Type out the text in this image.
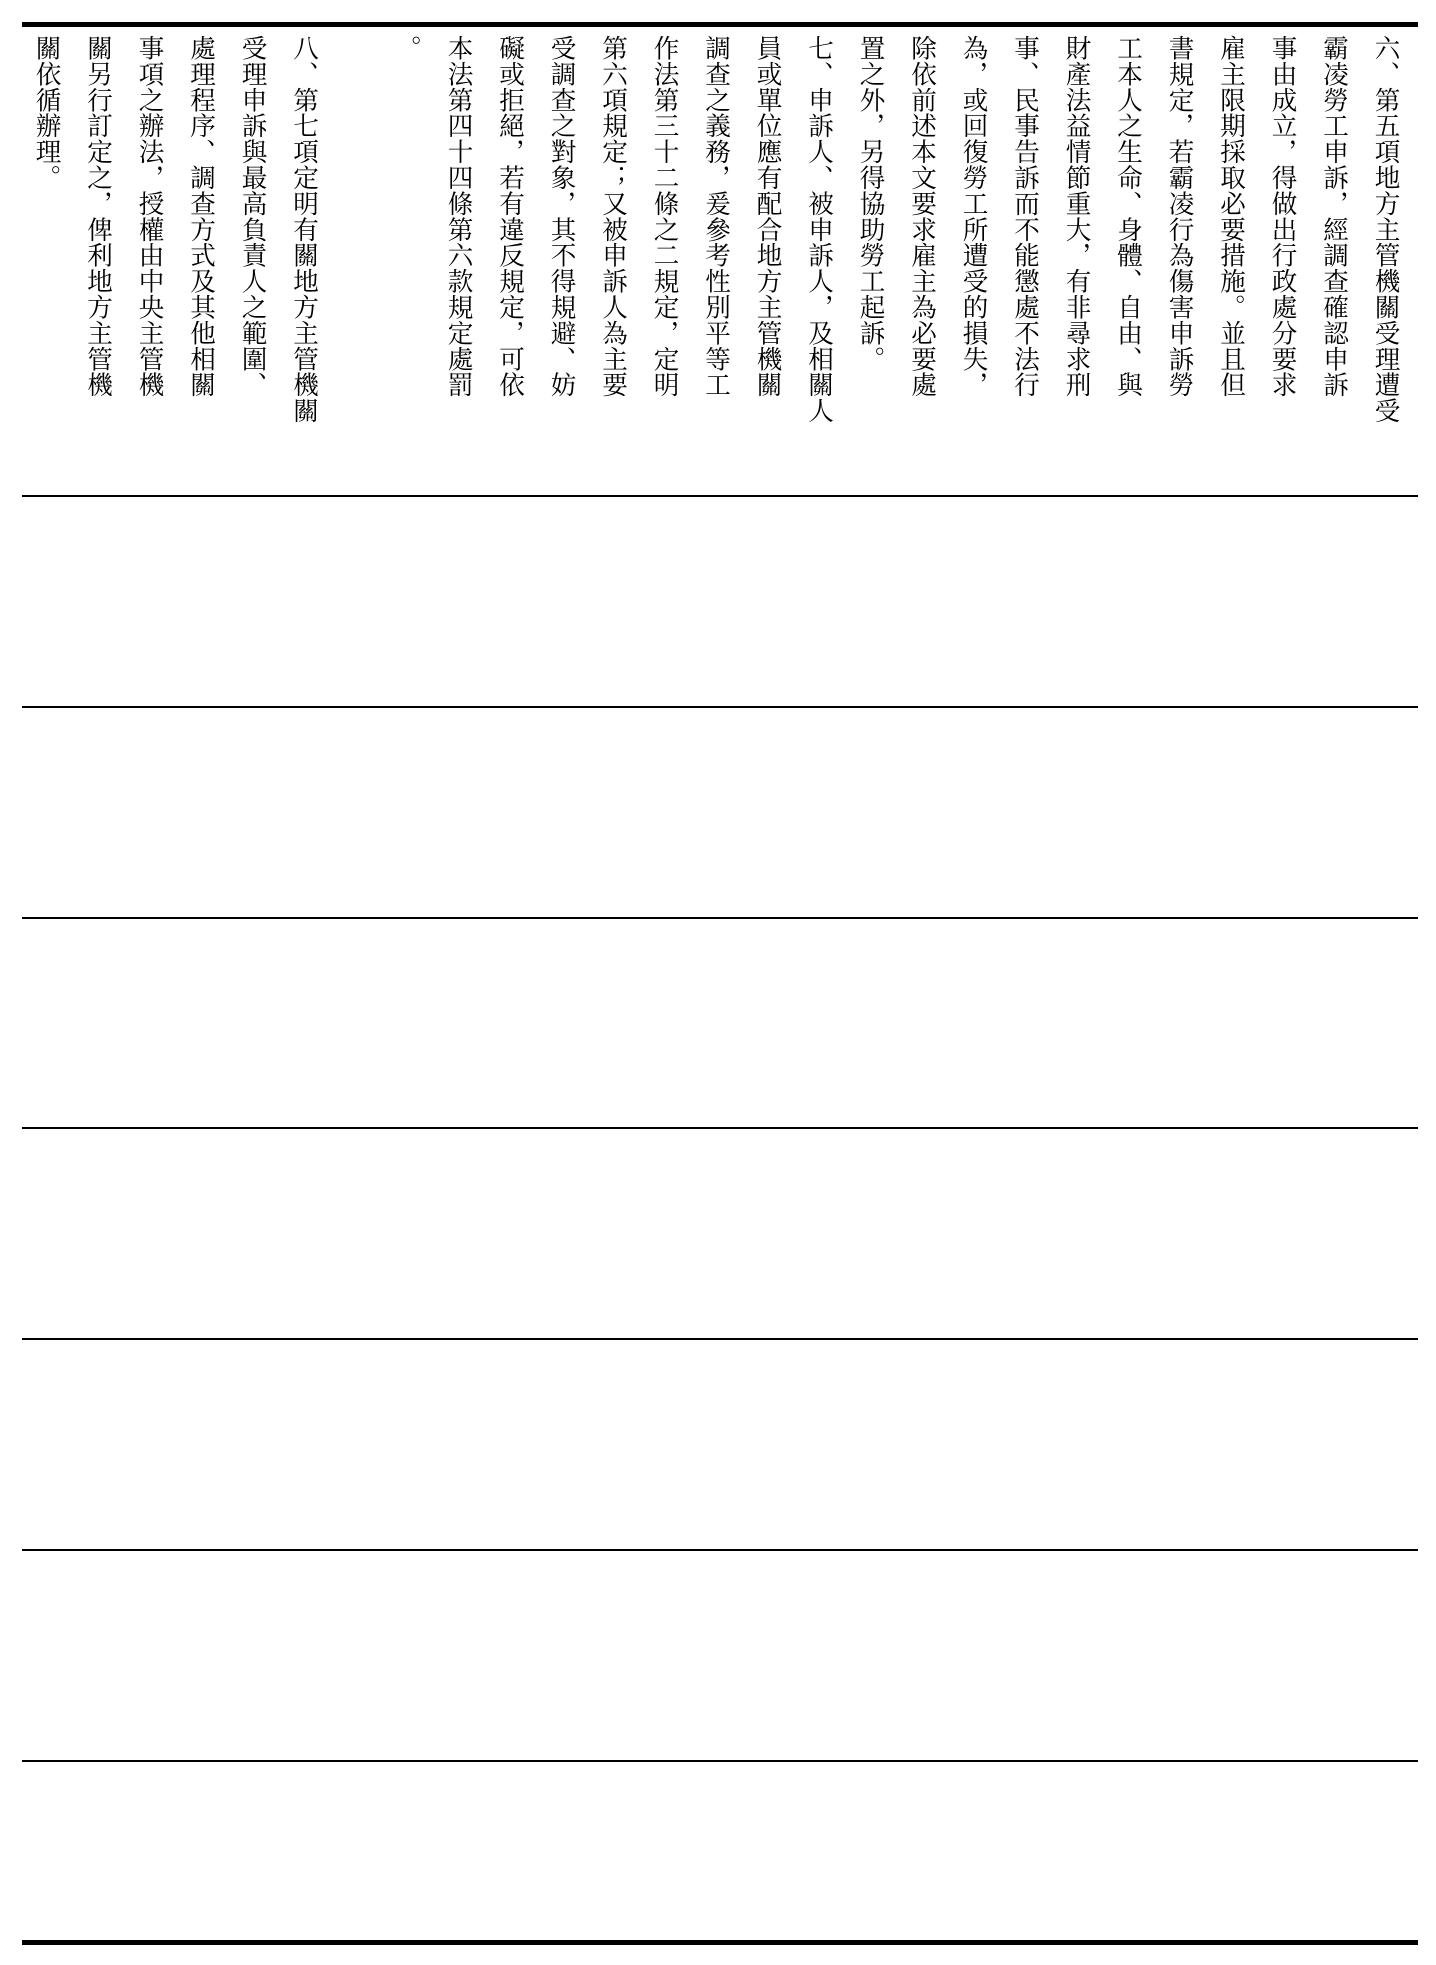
六、第五項地方主管機關受理遭受
霸凌勞工申訴，經調查確認申訴
事由成立，得做出行政處分要求
雇主限期採取必要措施。並且但
書規定，若霸凌行為傷害申訴勞
工本人之生命、身體、自由、與
財產法益情節重大，有非尋求刑
事、民事告訴而不能懲處不法行
為，或回復勞工所遭受的損失，
除依前述本文要求雇主為必要處
置之外，另得協助勞工起訴。
七、申訴人、被申訴人，及相關人
員或單位應有配合地方主管機關
調查之義務，爰參考性別平等工
作法第三十二條之二規定，定明
第六項規定；又被申訴人為主要
受調查之對象，其不得規避、妨
礙或拒絕，若有違反規定，可依
本法第四十四條第六款規定處罰
。
八、第七項定明有關地方主管機關
受理申訴與最高負責人之範圍、
處理程序、調查方式及其他相關
事項之辦法，授權由中央主管機
關另行訂定之，俾利地方主管機
關依循辦理。
